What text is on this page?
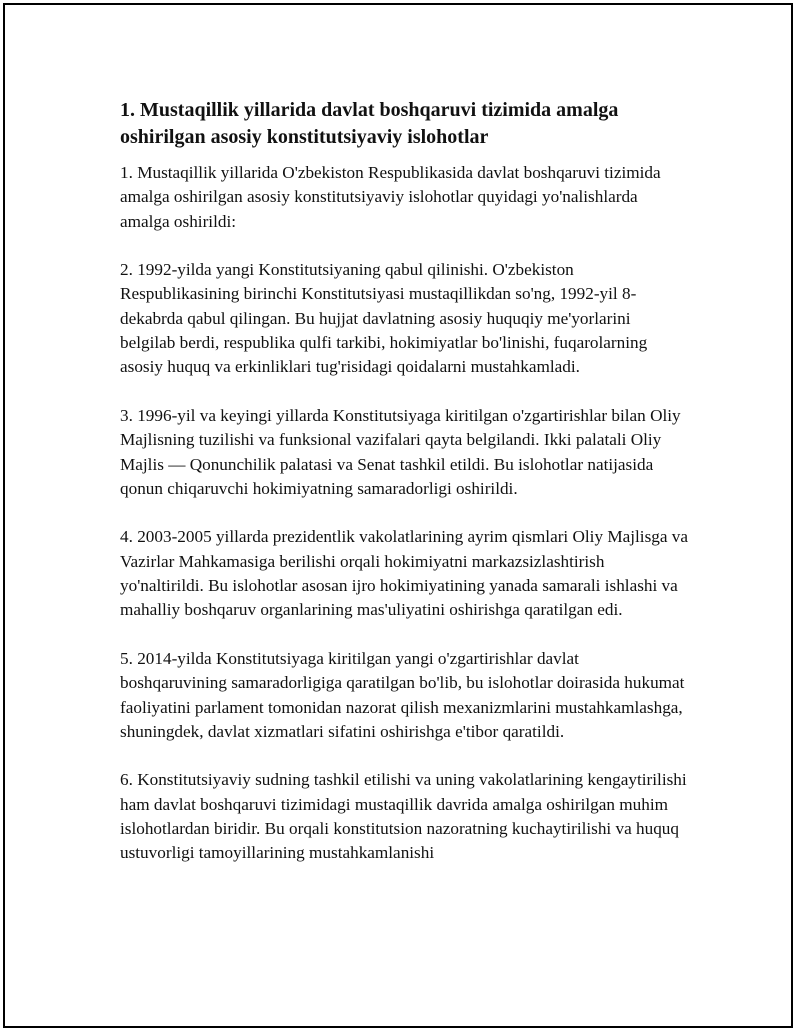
1. Mustaqillik yillarida davlat boshqaruvi tizimida amalga oshirilgan asosiy konstitutsiyaviy islohotlar

1. Mustaqillik yillarida O'zbekiston Respublikasida davlat boshqaruvi tizimida amalga oshirilgan asosiy konstitutsiyaviy islohotlar quyidagi yo'nalishlarda amalga oshirildi:

2. 1992-yilda yangi Konstitutsiyaning qabul qilinishi. O'zbekiston Respublikasining birinchi Konstitutsiyasi mustaqillikdan so'ng, 1992-yil 8-dekabrda qabul qilingan. Bu hujjat davlatning asosiy huquqiy me'yorlarini belgilab berdi, respublika qulfi tarkibi, hokimiyatlar bo'linishi, fuqarolarning asosiy huquq va erkinliklari tug'risidagi qoidalarni mustahkamladi.

3. 1996-yil va keyingi yillarda Konstitutsiyaga kiritilgan o'zgartirishlar bilan Oliy Majlisning tuzilishi va funksional vazifalari qayta belgilandi. Ikki palatali Oliy Majlis — Qonunchilik palatasi va Senat tashkil etildi. Bu islohotlar natijasida qonun chiqaruvchi hokimiyatning samaradorligi oshirildi.

4. 2003-2005 yillarda prezidentlik vakolatlarining ayrim qismlari Oliy Majlisga va Vazirlar Mahkamasiga berilishi orqali hokimiyatni markazsizlashtirish yo'naltirildi. Bu islohotlar asosan ijro hokimiyatining yanada samarali ishlashi va mahalliy boshqaruv organlarining mas'uliyatini oshirishga qaratilgan edi.

5. 2014-yilda Konstitutsiyaga kiritilgan yangi o'zgartirishlar davlat boshqaruvining samaradorligiga qaratilgan bo'lib, bu islohotlar doirasida hukumat faoliyatini parlament tomonidan nazorat qilish mexanizmlarini mustahkamlashga, shuningdek, davlat xizmatlari sifatini oshirishga e'tibor qaratildi.

6. Konstitutsiyaviy sudning tashkil etilishi va uning vakolatlarining kengaytirilishi ham davlat boshqaruvi tizimidagi mustaqillik davrida amalga oshirilgan muhim islohotlardan biridir. Bu orqali konstitutsion nazoratning kuchaytirilishi va huquq ustuvorligi tamoyillarining mustahkamlanishi
